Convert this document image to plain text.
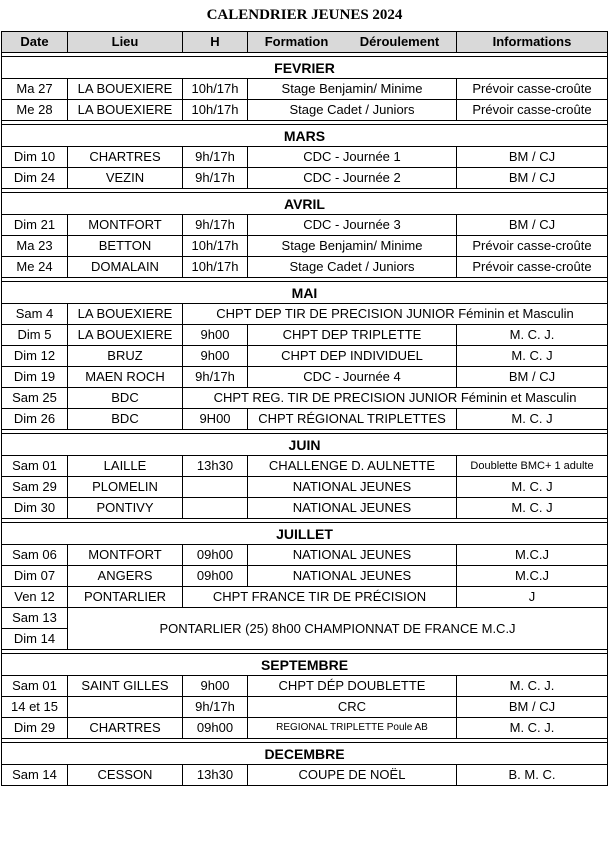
CALENDRIER JEUNES 2024
Date	Lieu	H	Formation Déroulement	Informations

FEVRIER				
Ma 27	LA BOUEXIERE	10h/17h	Stage Benjamin/ Minime	Prévoir casse-croûte
Me 28	LA BOUEXIERE	10h/17h	Stage Cadet / Juniors	Prévoir casse-croûte

MARS				
Dim 10	CHARTRES	9h/17h	CDC - Journée 1	BM / CJ
Dim 24	VEZIN	9h/17h	CDC - Journée 2	BM / CJ

AVRIL				
Dim 21	MONTFORT	9h/17h	CDC - Journée 3	BM / CJ
Ma 23	BETTON	10h/17h	Stage Benjamin/ Minime	Prévoir casse-croûte
Me 24	DOMALAIN	10h/17h	Stage Cadet / Juniors	Prévoir casse-croûte

MAI				
Sam 4	LA BOUEXIERE	CHPT DEP TIR DE PRECISION JUNIOR Féminin et Masculin		
Dim 5	LA BOUEXIERE	9h00	CHPT DEP TRIPLETTE	M. C. J.
Dim 12	BRUZ	9h00	CHPT DEP INDIVIDUEL	M. C. J
Dim 19	MAEN ROCH	9h/17h	CDC - Journée 4	BM / CJ
Sam 25	BDC	CHPT REG. TIR DE PRECISION JUNIOR Féminin et Masculin		
Dim 26	BDC	9H00	CHPT RÉGIONAL TRIPLETTES	M. C. J

JUIN				
Sam 01	LAILLE	13h30	CHALLENGE D. AULNETTE	Doublette BMC+ 1 adulte
Sam 29	PLOMELIN		NATIONAL JEUNES	M. C. J
Dim 30	PONTIVY		NATIONAL JEUNES	M. C. J

JUILLET				
Sam 06	MONTFORT	09h00	NATIONAL JEUNES	M.C.J
Dim 07	ANGERS	09h00	NATIONAL JEUNES	M.C.J
Ven 12	PONTARLIER	CHPT FRANCE TIR DE PRÉCISION		J
Sam 13	PONTARLIER (25) 8h00 CHAMPIONNAT DE FRANCE M.C.J			
Dim 14				

SEPTEMBRE				
Sam 01	SAINT GILLES	9h00	CHPT DÉP DOUBLETTE	M. C. J.
14 et 15		9h/17h	CRC	BM / CJ
Dim 29	CHARTRES	09h00	REGIONAL TRIPLETTE Poule AB	M. C. J.

DECEMBRE				
Sam 14	CESSON	13h30	COUPE DE NOËL	B. M. C.
